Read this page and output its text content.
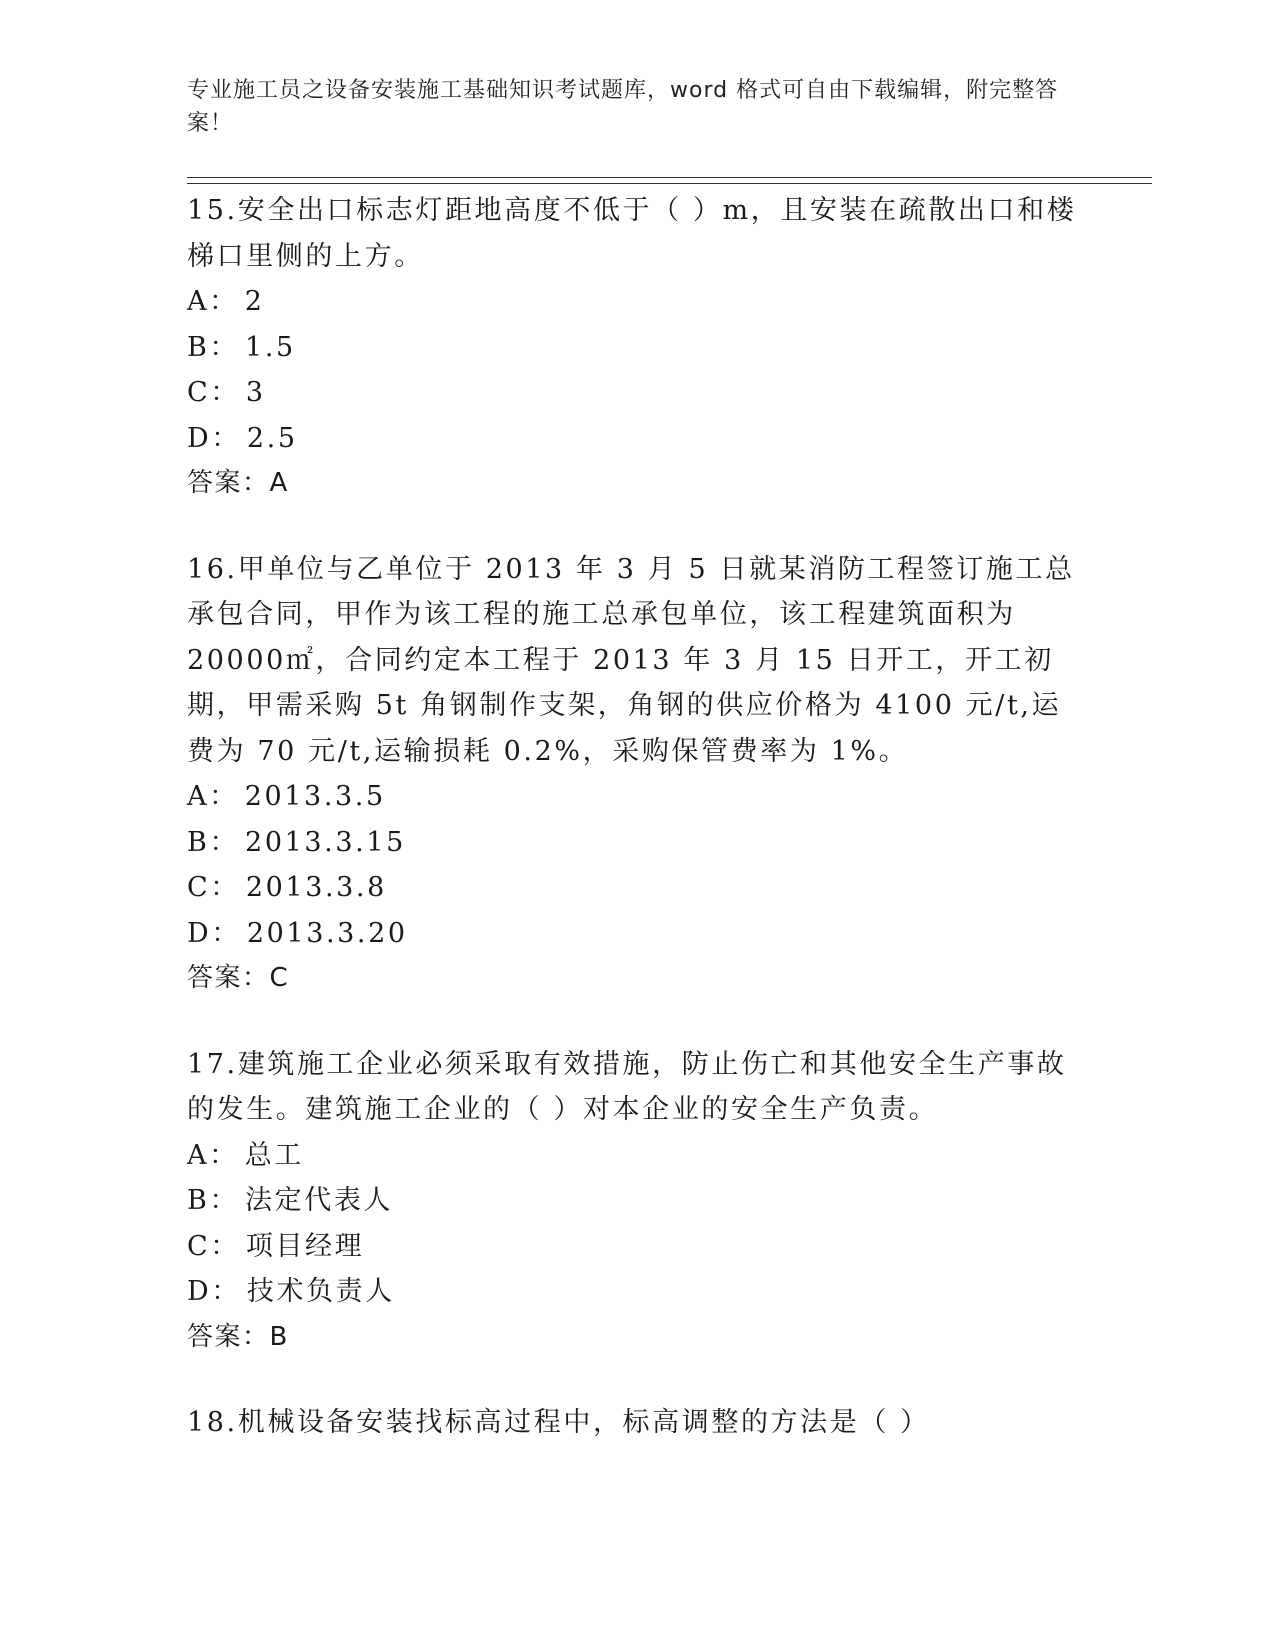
专业施工员之设备安装施工基础知识考试题库，word 格式可自由下载编辑，附完整答案！
15.安全出口标志灯距地高度不低于（ ）m，且安装在疏散出口和楼梯口里侧的上方。
A： 2
B： 1.5
C： 3
D： 2.5
答案：A
16.甲单位与乙单位于 2013 年 3 月 5 日就某消防工程签订施工总承包合同，甲作为该工程的施工总承包单位，该工程建筑面积为 20000㎡，合同约定本工程于 2013 年 3 月 15 日开工，开工初期，甲需采购 5t 角钢制作支架，角钢的供应价格为 4100 元/t,运费为 70 元/t,运输损耗 0.2%，采购保管费率为 1%。
A： 2013.3.5
B： 2013.3.15
C： 2013.3.8
D： 2013.3.20
答案：C
17.建筑施工企业必须采取有效措施，防止伤亡和其他安全生产事故的发生。建筑施工企业的（ ）对本企业的安全生产负责。
A： 总工
B： 法定代表人
C： 项目经理
D： 技术负责人
答案：B
18.机械设备安装找标高过程中，标高调整的方法是（ ）
